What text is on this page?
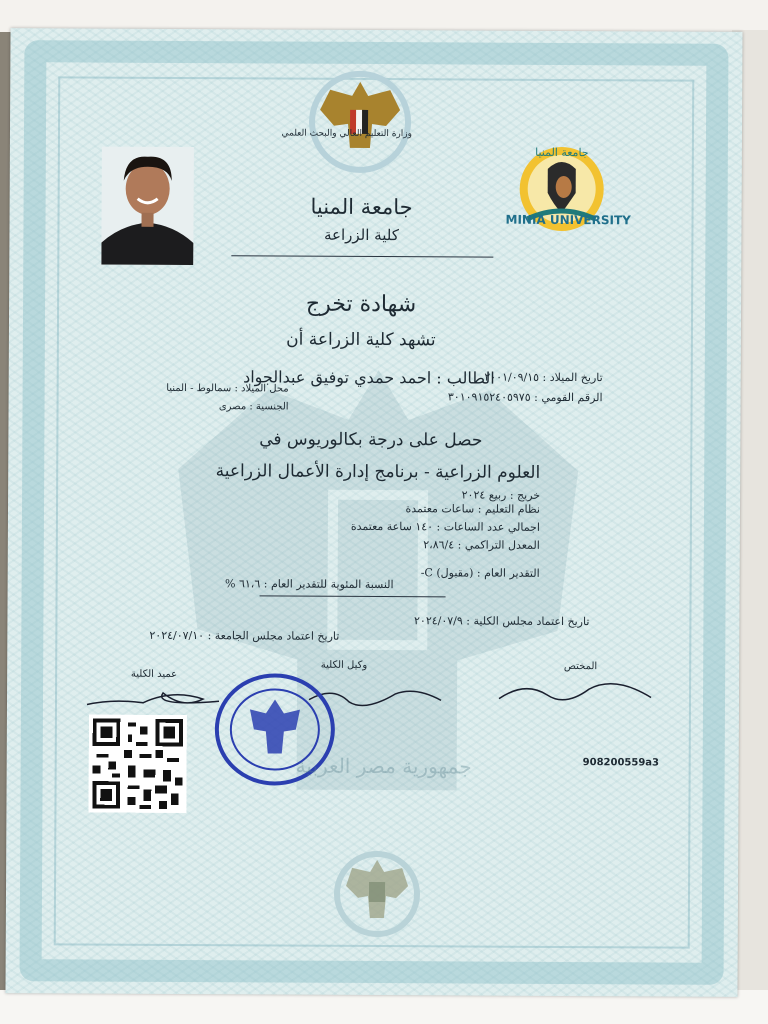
وزارة التعليم العالي والبحث العلمي
جامعة المنيا
كلية الزراعة
جامعة المنيا
MINIA UNIVERSITY
شهادة تخرج
تشهد كلية الزراعة أن
الطالب : احمد حمدي توفيق عبدالجواد
تاريخ الميلاد : ٢٠٠١/٠٩/١٥
محل الميلاد : سمالوط - المنيا
الرقم القومي : ٣٠١٠٩١٥٢٤٠٥٩٧٥
الجنسية : مصرى
حصل على درجة بكالوريوس في
العلوم الزراعية - برنامج إدارة الأعمال الزراعية
خريج : ربيع ٢٠٢٤
نظام التعليم : ساعات معتمدة
اجمالي عدد الساعات : ١٤٠ ساعة معتمدة
المعدل التراكمي : ٢،٨٦/٤
التقدير العام : (مقبول) C-
النسبة المئوية للتقدير العام : ٦١،٦ %
تاريخ اعتماد مجلس الكلية : ٢٠٢٤/٠٧/٩
تاريخ اعتماد مجلس الجامعة : ٢٠٢٤/٠٧/١٠
عميد الكلية
وكيل الكلية	المختص
908200559a3
جمهورية مصر العربية
